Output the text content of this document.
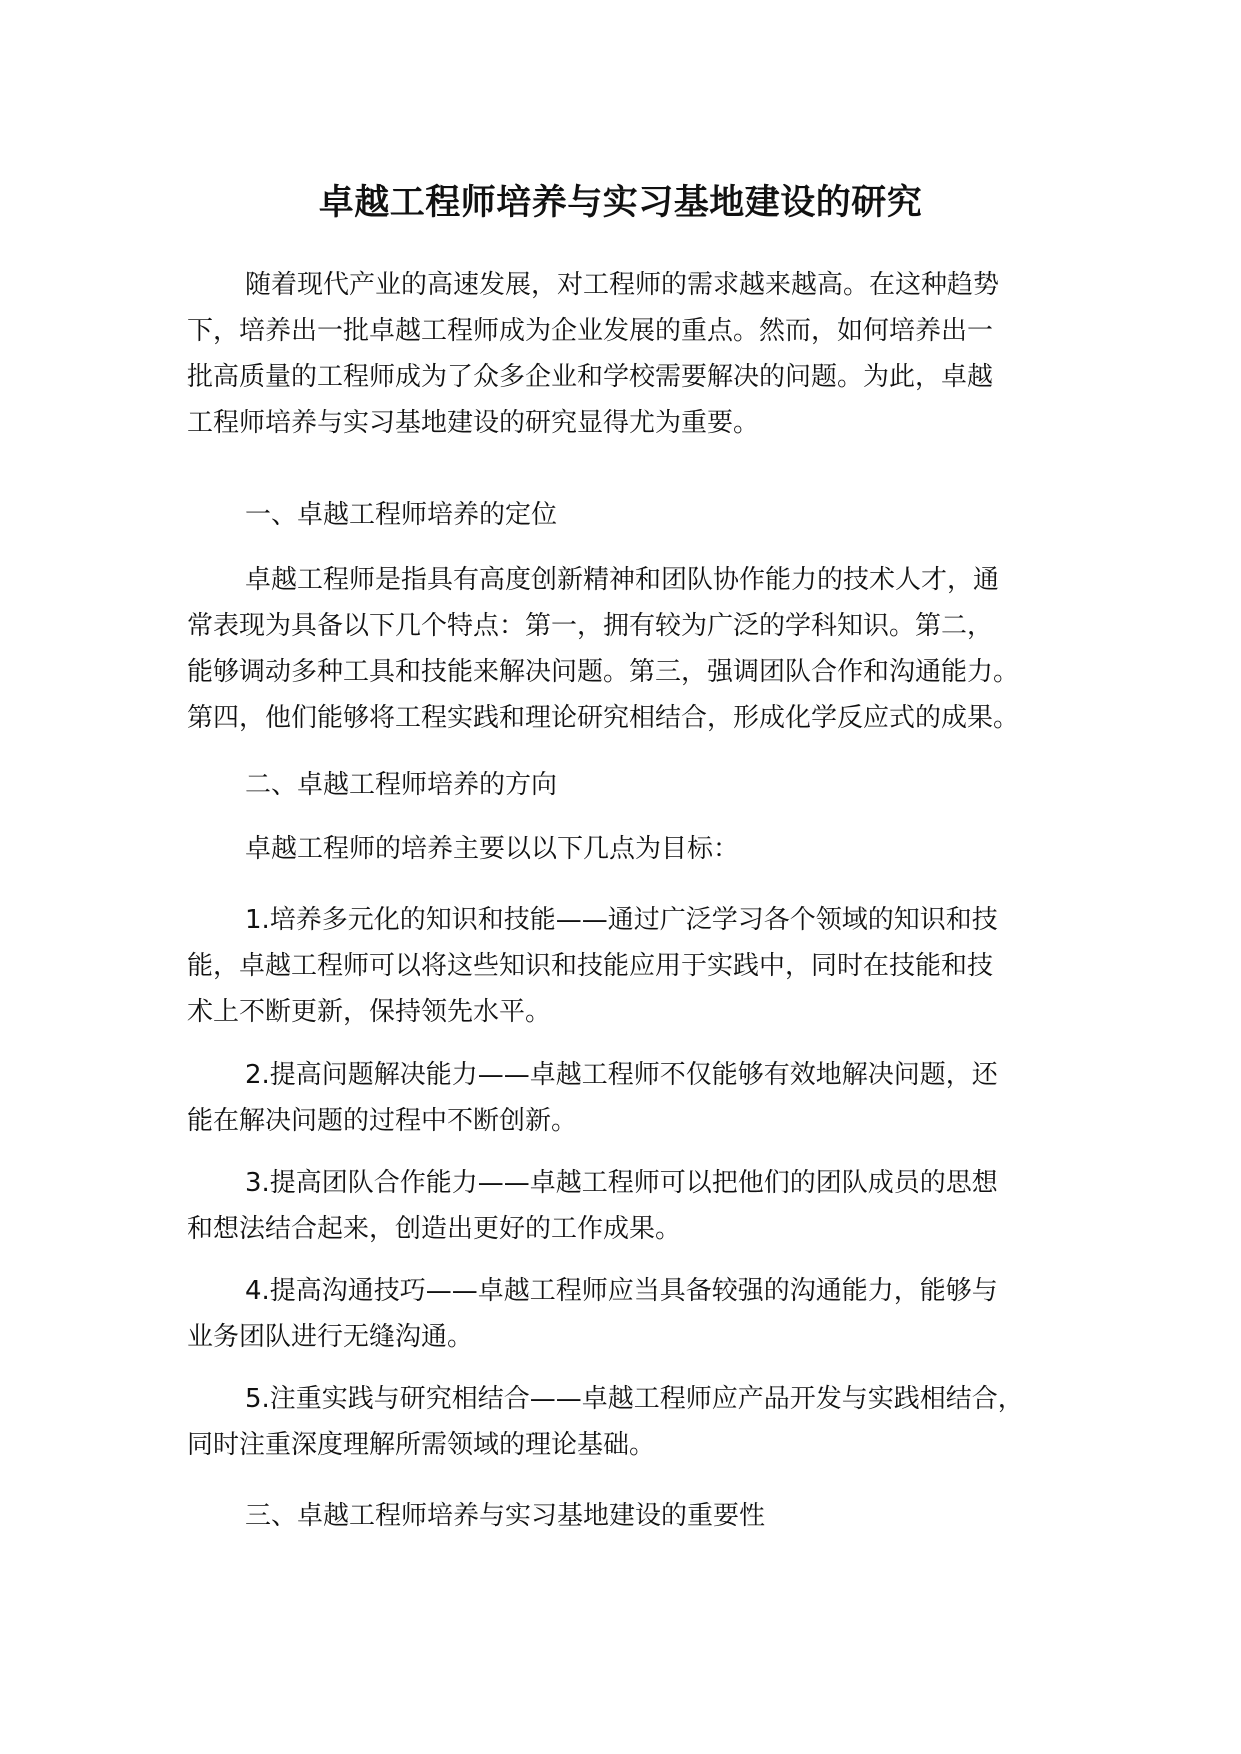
卓越工程师培养与实习基地建设的研究
随着现代产业的高速发展，对工程师的需求越来越高。在这种趋势
下，培养出一批卓越工程师成为企业发展的重点。然而，如何培养出一
批高质量的工程师成为了众多企业和学校需要解决的问题。为此，卓越
工程师培养与实习基地建设的研究显得尤为重要。
一、卓越工程师培养的定位
卓越工程师是指具有高度创新精神和团队协作能力的技术人才，通
常表现为具备以下几个特点：第一，拥有较为广泛的学科知识。第二，
能够调动多种工具和技能来解决问题。第三，强调团队合作和沟通能力。
第四，他们能够将工程实践和理论研究相结合，形成化学反应式的成果。
二、卓越工程师培养的方向
卓越工程师的培养主要以以下几点为目标：
1.培养多元化的知识和技能——通过广泛学习各个领域的知识和技
能，卓越工程师可以将这些知识和技能应用于实践中，同时在技能和技
术上不断更新，保持领先水平。
2.提高问题解决能力——卓越工程师不仅能够有效地解决问题，还
能在解决问题的过程中不断创新。
3.提高团队合作能力——卓越工程师可以把他们的团队成员的思想
和想法结合起来，创造出更好的工作成果。
4.提高沟通技巧——卓越工程师应当具备较强的沟通能力，能够与
业务团队进行无缝沟通。
5.注重实践与研究相结合——卓越工程师应产品开发与实践相结合，
同时注重深度理解所需领域的理论基础。
三、卓越工程师培养与实习基地建设的重要性
